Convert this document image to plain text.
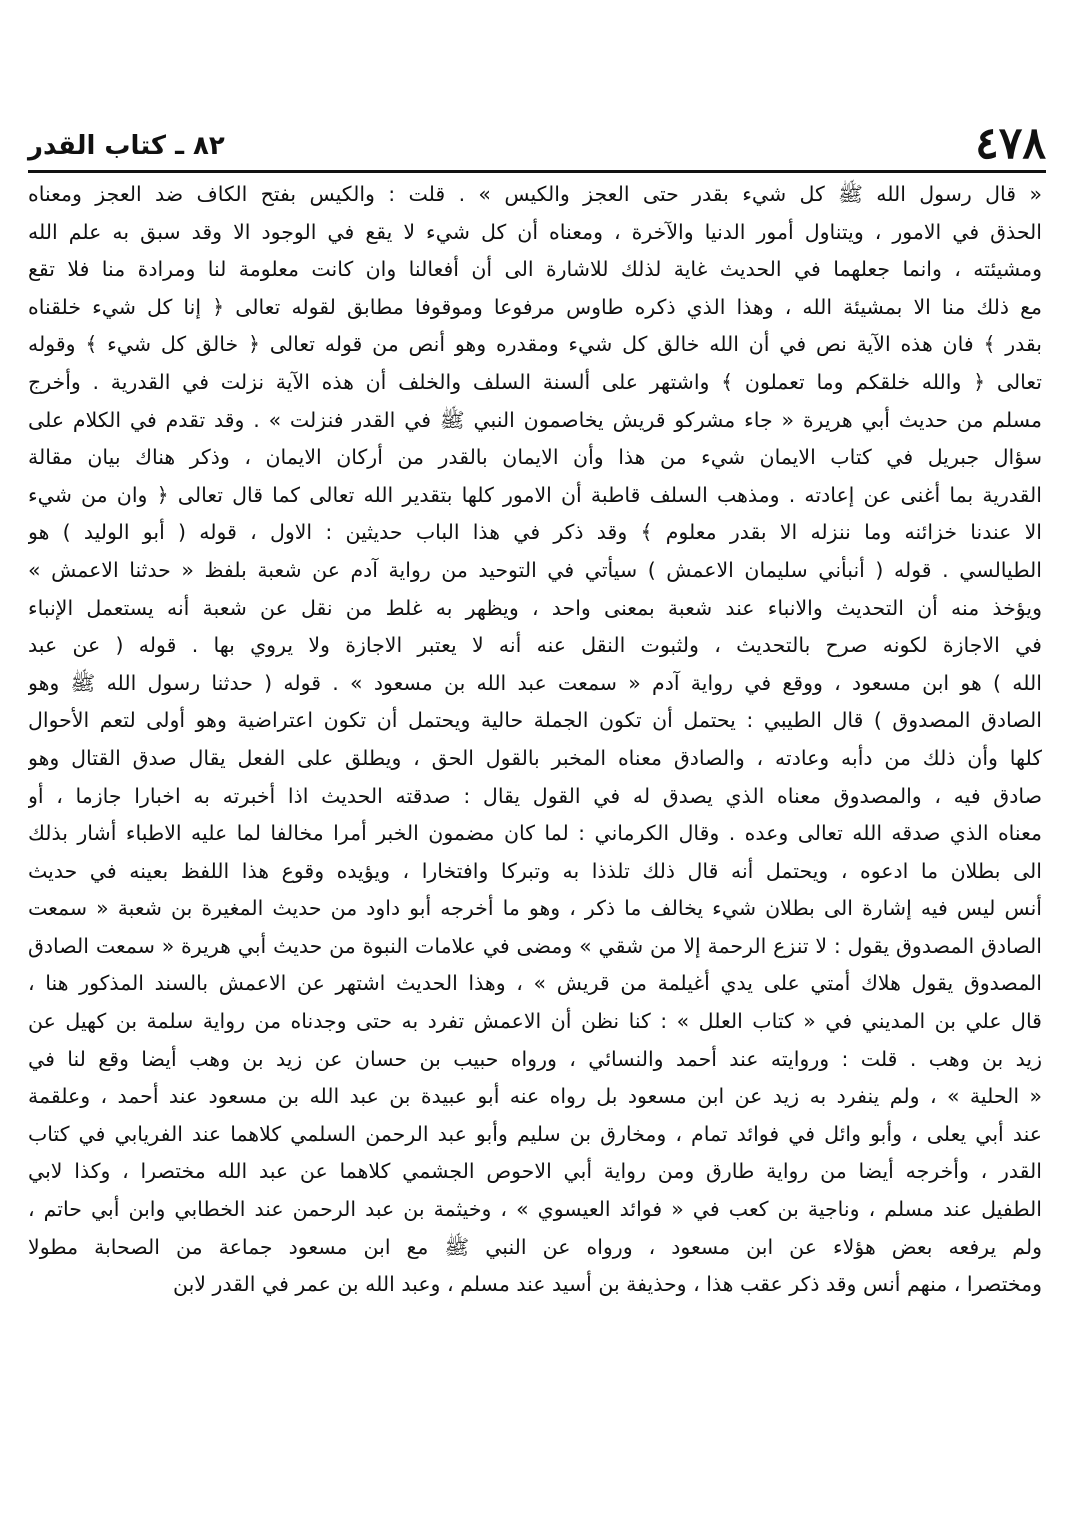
٤٧٨
٨٢ ـ كتاب القدر
« قال رسول الله ﷺ كل شيء بقدر حتى العجز والكيس » . قلت : والكيس بفتح الكاف ضد العجز ومعناه
الحذق في الامور ، ويتناول أمور الدنيا والآخرة ، ومعناه أن كل شيء لا يقع في الوجود الا وقد سبق به علم الله
ومشيئته ، وانما جعلهما في الحديث غاية لذلك للاشارة الى أن أفعالنا وان كانت معلومة لنا ومرادة منا فلا تقع
مع ذلك منا الا بمشيئة الله ، وهذا الذي ذكره طاوس مرفوعا وموقوفا مطابق لقوله تعالى ﴿ إنا كل شيء خلقناه
بقدر ﴾ فان هذه الآية نص في أن الله خالق كل شيء ومقدره وهو أنص من قوله تعالى ﴿ خالق كل شيء ﴾ وقوله
تعالى ﴿ والله خلقكم وما تعملون ﴾ واشتهر على ألسنة السلف والخلف أن هذه الآية نزلت في القدرية . وأخرج
مسلم من حديث أبي هريرة « جاء مشركو قريش يخاصمون النبي ﷺ في القدر فنزلت » . وقد تقدم في الكلام على
سؤال جبريل في كتاب الايمان شيء من هذا وأن الايمان بالقدر من أركان الايمان ، وذكر هناك بيان مقالة
القدرية بما أغنى عن إعادته . ومذهب السلف قاطبة أن الامور كلها بتقدير الله تعالى كما قال تعالى ﴿ وان من شيء
الا عندنا خزائنه وما ننزله الا بقدر معلوم ﴾ وقد ذكر في هذا الباب حديثين : الاول ، قوله ( أبو الوليد ) هو
الطيالسي . قوله ( أنبأني سليمان الاعمش ) سيأتي في التوحيد من رواية آدم عن شعبة بلفظ « حدثنا الاعمش »
ويؤخذ منه أن التحديث والانباء عند شعبة بمعنى واحد ، ويظهر به غلط من نقل عن شعبة أنه يستعمل الإنباء
في الاجازة لكونه صرح بالتحديث ، ولثبوت النقل عنه أنه لا يعتبر الاجازة ولا يروي بها . قوله ( عن عبد
الله ) هو ابن مسعود ، ووقع في رواية آدم « سمعت عبد الله بن مسعود » . قوله ( حدثنا رسول الله ﷺ وهو
الصادق المصدوق ) قال الطيبي : يحتمل أن تكون الجملة حالية ويحتمل أن تكون اعتراضية وهو أولى لتعم الأحوال
كلها وأن ذلك من دأبه وعادته ، والصادق معناه المخبر بالقول الحق ، ويطلق على الفعل يقال صدق القتال وهو
صادق فيه ، والمصدوق معناه الذي يصدق له في القول يقال : صدقته الحديث اذا أخبرته به اخبارا جازما ، أو
معناه الذي صدقه الله تعالى وعده . وقال الكرماني : لما كان مضمون الخبر أمرا مخالفا لما عليه الاطباء أشار بذلك
الى بطلان ما ادعوه ، ويحتمل أنه قال ذلك تلذذا به وتبركا وافتخارا ، ويؤيده وقوع هذا اللفظ بعينه في حديث
أنس ليس فيه إشارة الى بطلان شيء يخالف ما ذكر ، وهو ما أخرجه أبو داود من حديث المغيرة بن شعبة « سمعت
الصادق المصدوق يقول : لا تنزع الرحمة إلا من شقي » ومضى في علامات النبوة من حديث أبي هريرة « سمعت الصادق
المصدوق يقول هلاك أمتي على يدي أغيلمة من قريش » ، وهذا الحديث اشتهر عن الاعمش بالسند المذكور هنا ،
قال علي بن المديني في « كتاب العلل » : كنا نظن أن الاعمش تفرد به حتى وجدناه من رواية سلمة بن كهيل عن
زيد بن وهب . قلت : وروايته عند أحمد والنسائي ، ورواه حبيب بن حسان عن زيد بن وهب أيضا وقع لنا في
« الحلية » ، ولم ينفرد به زيد عن ابن مسعود بل رواه عنه أبو عبيدة بن عبد الله بن مسعود عند أحمد ، وعلقمة
عند أبي يعلى ، وأبو وائل في فوائد تمام ، ومخارق بن سليم وأبو عبد الرحمن السلمي كلاهما عند الفريابي في كتاب
القدر ، وأخرجه أيضا من رواية طارق ومن رواية أبي الاحوص الجشمي كلاهما عن عبد الله مختصرا ، وكذا لابي
الطفيل عند مسلم ، وناجية بن كعب في « فوائد العيسوي » ، وخيثمة بن عبد الرحمن عند الخطابي وابن أبي حاتم ،
ولم يرفعه بعض هؤلاء عن ابن مسعود ، ورواه عن النبي ﷺ مع ابن مسعود جماعة من الصحابة مطولا
ومختصرا ، منهم أنس وقد ذكر عقب هذا ، وحذيفة بن أسيد عند مسلم ، وعبد الله بن عمر في القدر لابن
